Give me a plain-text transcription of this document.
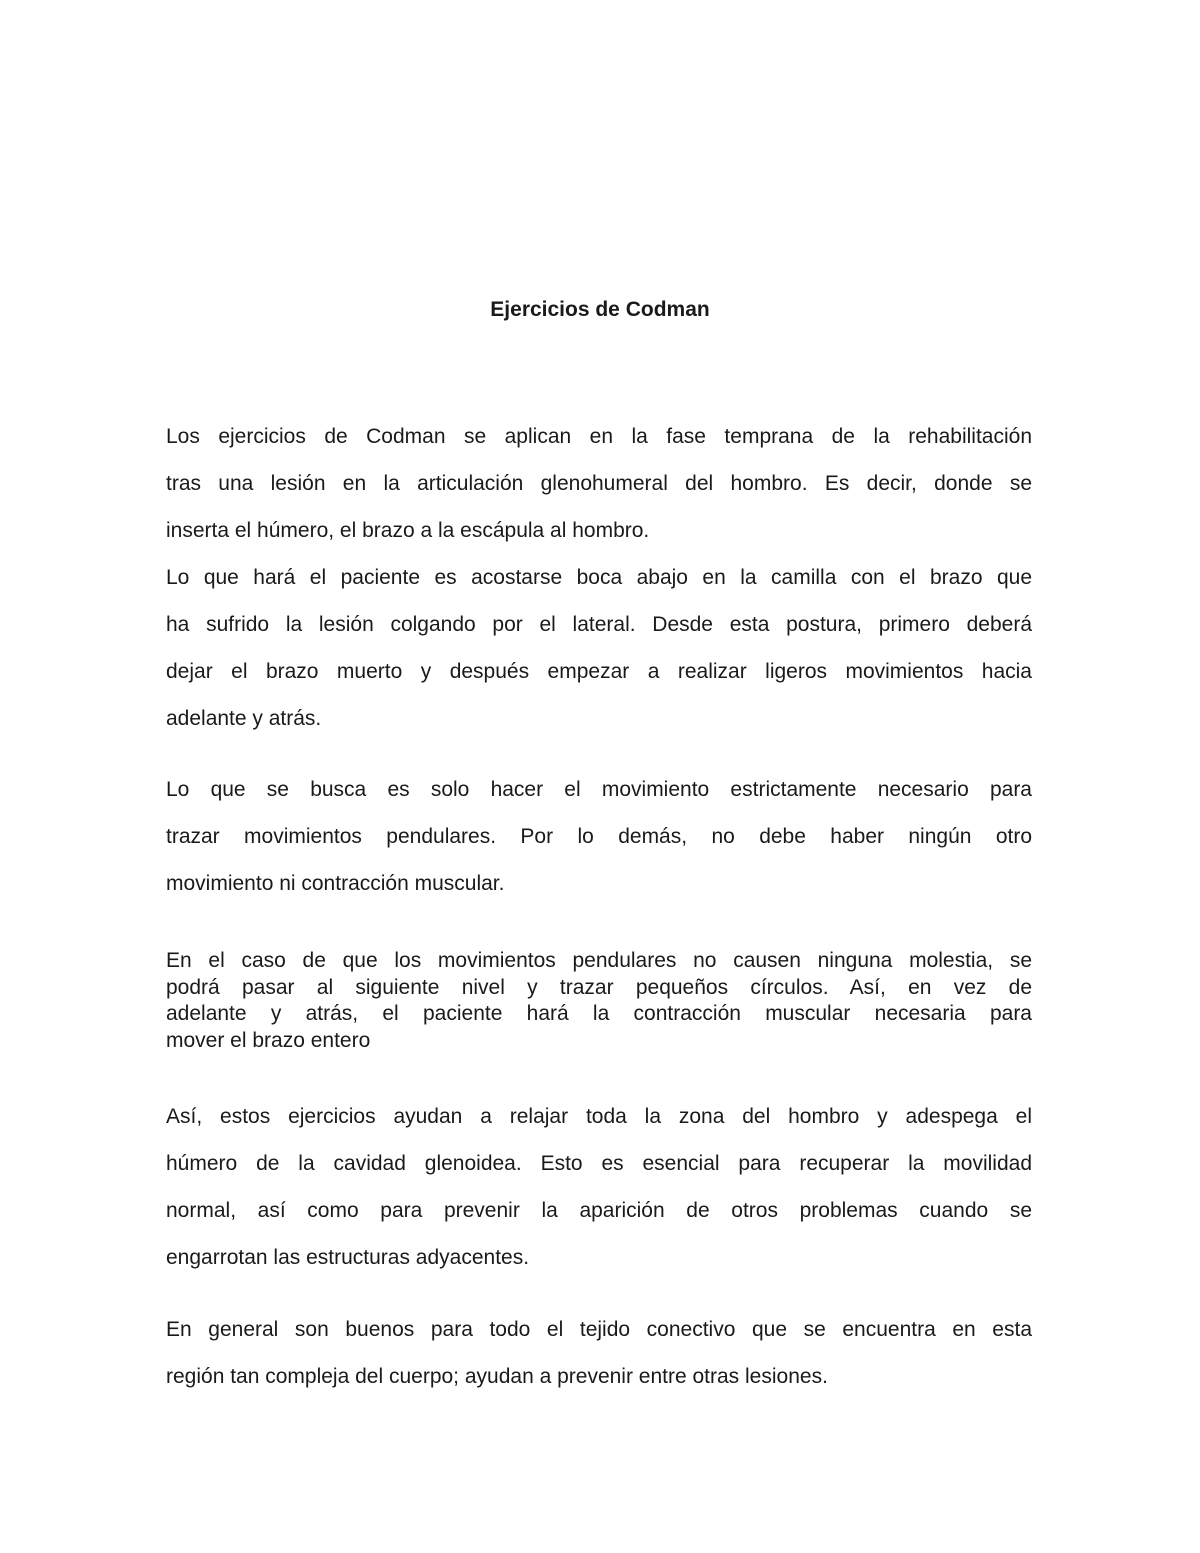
Ejercicios de Codman
Los ejercicios de Codman se aplican en la fase temprana de la rehabilitación
tras una lesión en la articulación glenohumeral del hombro. Es decir, donde se
inserta el húmero, el brazo a la escápula al hombro.
Lo que hará el paciente es acostarse boca abajo en la camilla con el brazo que
ha sufrido la lesión colgando por el lateral. Desde esta postura, primero deberá
dejar el brazo muerto y después empezar a realizar ligeros movimientos hacia
adelante y atrás.
Lo que se busca es solo hacer el movimiento estrictamente necesario para
trazar movimientos pendulares. Por lo demás, no debe haber ningún otro
movimiento ni contracción muscular.
En el caso de que los movimientos pendulares no causen ninguna molestia, se
podrá pasar al siguiente nivel y trazar pequeños círculos. Así, en vez de
adelante y atrás, el paciente hará la contracción muscular necesaria para
mover el brazo entero
Así, estos ejercicios ayudan a relajar toda la zona del hombro y adespega el
húmero de la cavidad glenoidea. Esto es esencial para recuperar la movilidad
normal, así como para prevenir la aparición de otros problemas cuando se
engarrotan las estructuras adyacentes.
En general son buenos para todo el tejido conectivo que se encuentra en esta
región tan compleja del cuerpo; ayudan a prevenir entre otras lesiones.
